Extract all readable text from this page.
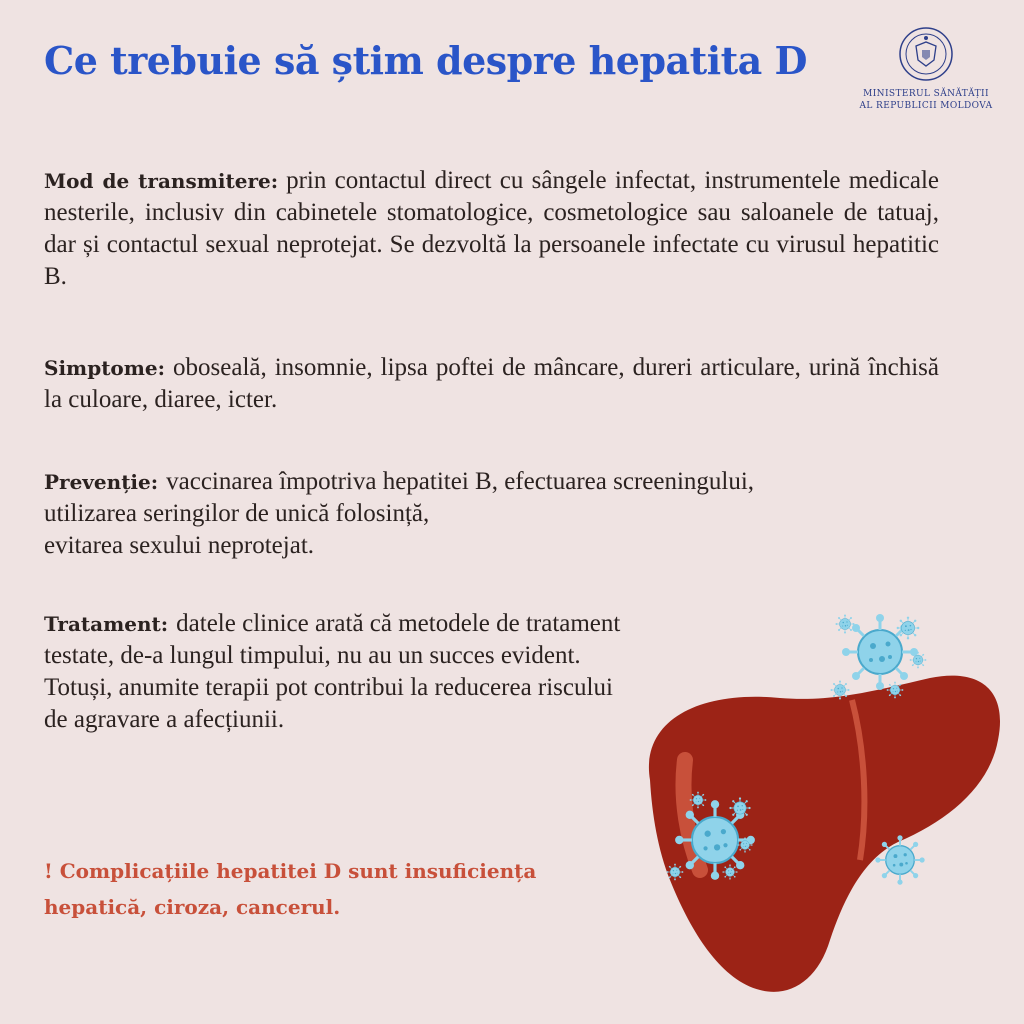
Ce trebuie să știm despre hepatita D
MINISTERUL SĂNĂTĂȚII
AL REPUBLICII MOLDOVA

Mod de transmitere: prin contactul direct cu sângele infectat, instrumentele medicale nesterile, inclusiv din cabinetele stomatologice, cosmetologice sau saloanele de tatuaj, dar și contactul sexual neprotejat. Se dezvoltă la persoanele infectate cu virusul hepatitic B.

Simptome: oboseală, insomnie, lipsa poftei de mâncare, dureri articulare, urină închisă la culoare, diaree, icter.

Prevenție: vaccinarea împotriva hepatitei B, efectuarea screeningului,
utilizarea seringilor de unică folosință,
evitarea sexului neprotejat.

Tratament: datele clinice arată că metodele de tratament testate, de-a lungul timpului, nu au un succes evident. Totuși, anumite terapii pot contribui la reducerea riscului de agravare a afecțiunii.

! Complicațiile hepatitei D sunt insuficiența
hepatică, ciroza, cancerul.
